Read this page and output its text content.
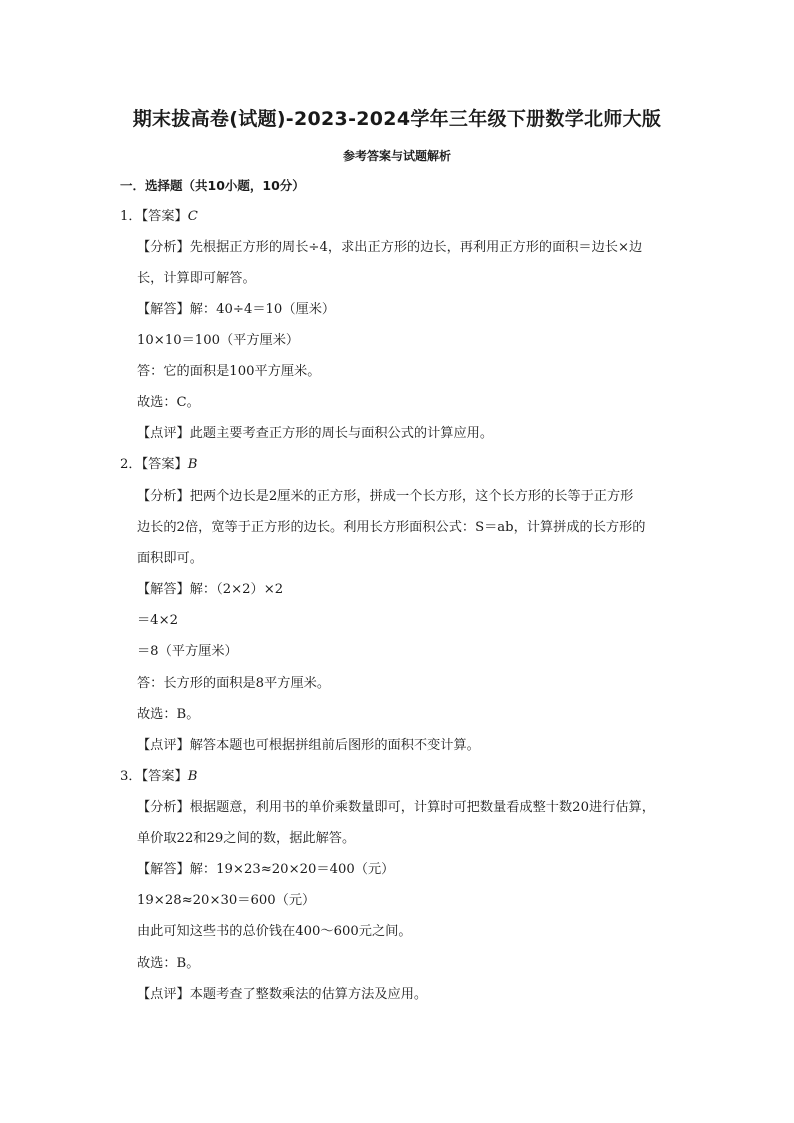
期末拔高卷(试题)-2023-2024学年三年级下册数学北师大版
参考答案与试题解析
一．选择题（共10小题，10分）
1．【答案】C
【分析】先根据正方形的周长÷4，求出正方形的边长，再利用正方形的面积＝边长×边
长，计算即可解答。
【解答】解：40÷4＝10（厘米）
10×10＝100（平方厘米）
答：它的面积是100平方厘米。
故选：C。
【点评】此题主要考查正方形的周长与面积公式的计算应用。
2．【答案】B
【分析】把两个边长是2厘米的正方形，拼成一个长方形，这个长方形的长等于正方形
边长的2倍，宽等于正方形的边长。利用长方形面积公式：S＝ab，计算拼成的长方形的
面积即可。
【解答】解：（2×2）×2
＝4×2
＝8（平方厘米）
答：长方形的面积是8平方厘米。
故选：B。
【点评】解答本题也可根据拼组前后图形的面积不变计算。
3．【答案】B
【分析】根据题意，利用书的单价乘数量即可，计算时可把数量看成整十数20进行估算，
单价取22和29之间的数，据此解答。
【解答】解：19×23≈20×20＝400（元）
19×28≈20×30＝600（元）
由此可知这些书的总价钱在400～600元之间。
故选：B。
【点评】本题考查了整数乘法的估算方法及应用。
